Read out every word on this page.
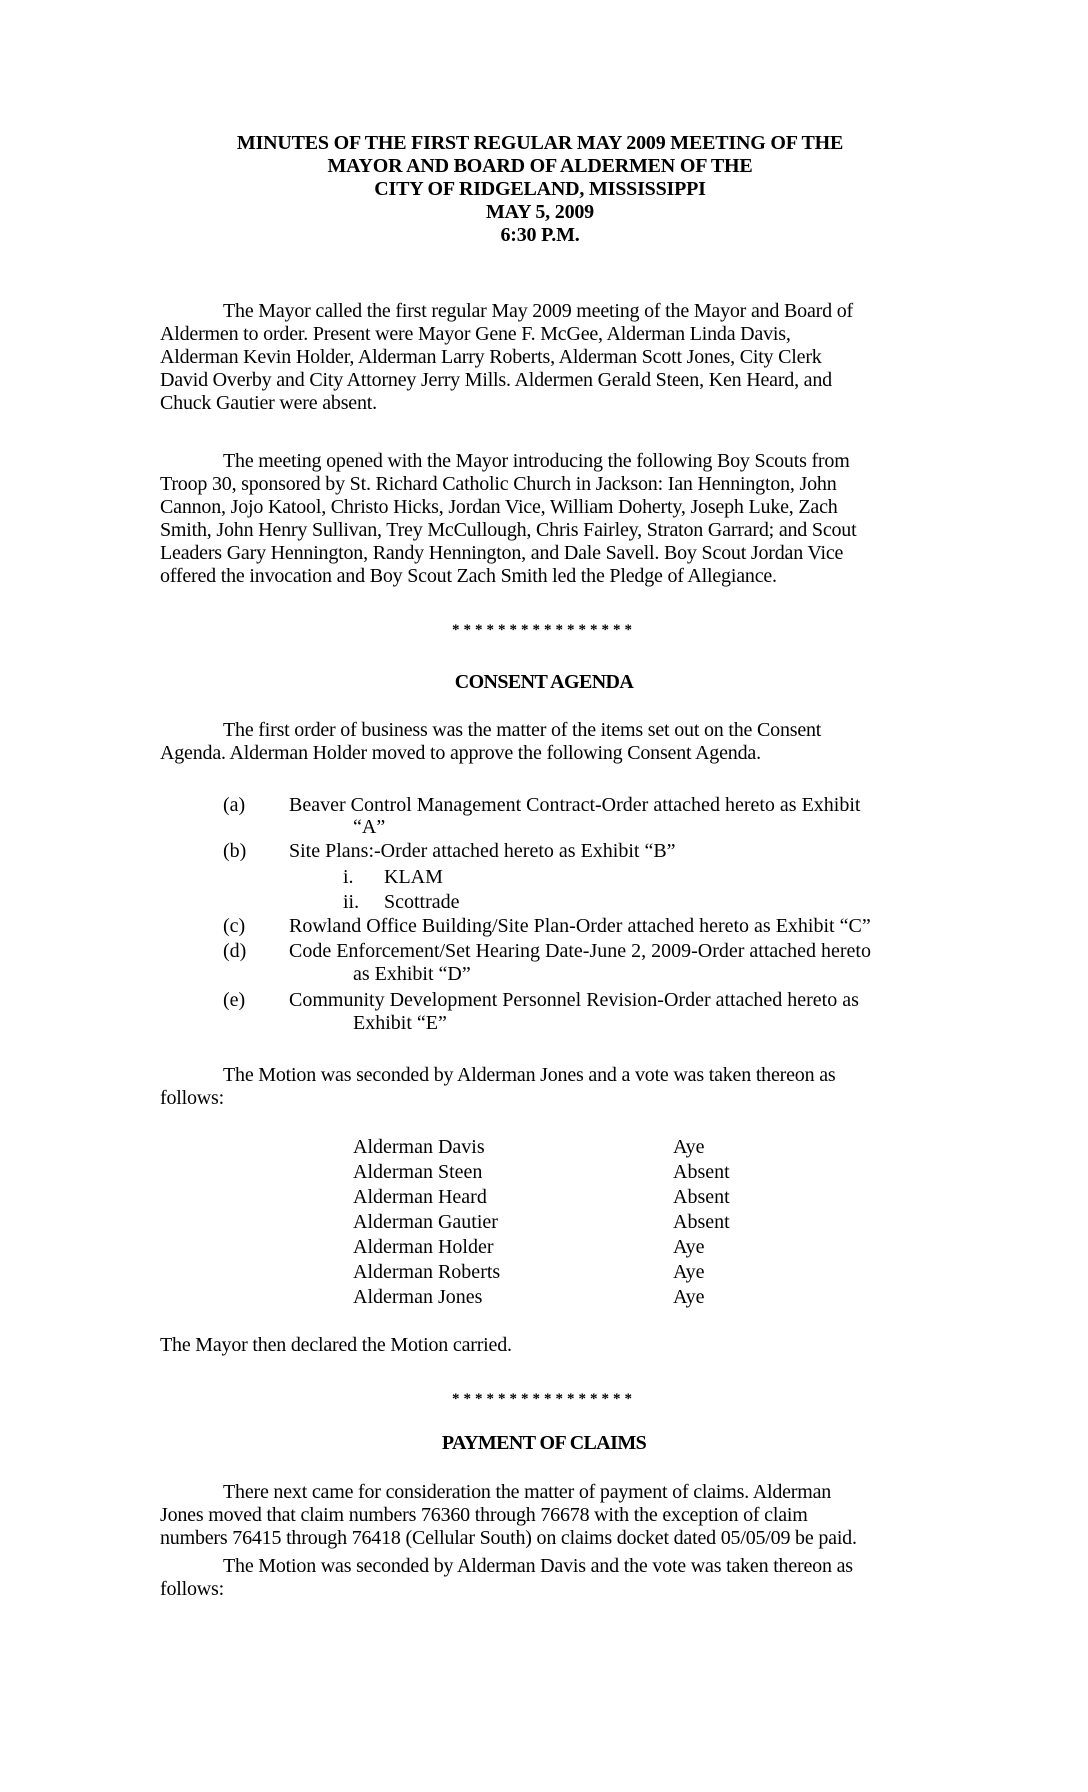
MINUTES OF THE FIRST REGULAR MAY 2009 MEETING OF THE
MAYOR AND BOARD OF ALDERMEN OF THE
CITY OF RIDGELAND, MISSISSIPPI
MAY 5, 2009
6:30 P.M.
The Mayor called the first regular May 2009 meeting of the Mayor and Board of
Aldermen to order. Present were Mayor Gene F. McGee, Alderman Linda Davis,
Alderman Kevin Holder, Alderman Larry Roberts, Alderman Scott Jones, City Clerk
David Overby and City Attorney Jerry Mills. Aldermen Gerald Steen, Ken Heard, and
Chuck Gautier were absent.
The meeting opened with the Mayor introducing the following Boy Scouts from
Troop 30, sponsored by St. Richard Catholic Church in Jackson: Ian Hennington, John
Cannon, Jojo Katool, Christo Hicks, Jordan Vice, William Doherty, Joseph Luke, Zach
Smith, John Henry Sullivan, Trey McCullough, Chris Fairley, Straton Garrard; and Scout
Leaders Gary Hennington, Randy Hennington, and Dale Savell. Boy Scout Jordan Vice
offered the invocation and Boy Scout Zach Smith led the Pledge of Allegiance.
****************
CONSENT AGENDA
The first order of business was the matter of the items set out on the Consent
Agenda. Alderman Holder moved to approve the following Consent Agenda.
(a) Beaver Control Management Contract-Order attached hereto as Exhibit
“A”
(b) Site Plans:-Order attached hereto as Exhibit “B”
i. KLAM
ii. Scottrade
(c) Rowland Office Building/Site Plan-Order attached hereto as Exhibit “C”
(d) Code Enforcement/Set Hearing Date-June 2, 2009-Order attached hereto
as Exhibit “D”
(e) Community Development Personnel Revision-Order attached hereto as
Exhibit “E”
The Motion was seconded by Alderman Jones and a vote was taken thereon as
follows:
Alderman Davis	Aye
Alderman Steen	Absent
Alderman Heard	Absent
Alderman Gautier	Absent
Alderman Holder	Aye
Alderman Roberts	Aye
Alderman Jones	Aye
The Mayor then declared the Motion carried.
****************
PAYMENT OF CLAIMS
There next came for consideration the matter of payment of claims. Alderman
Jones moved that claim numbers 76360 through 76678 with the exception of claim
numbers 76415 through 76418 (Cellular South) on claims docket dated 05/05/09 be paid.
The Motion was seconded by Alderman Davis and the vote was taken thereon as
follows:
